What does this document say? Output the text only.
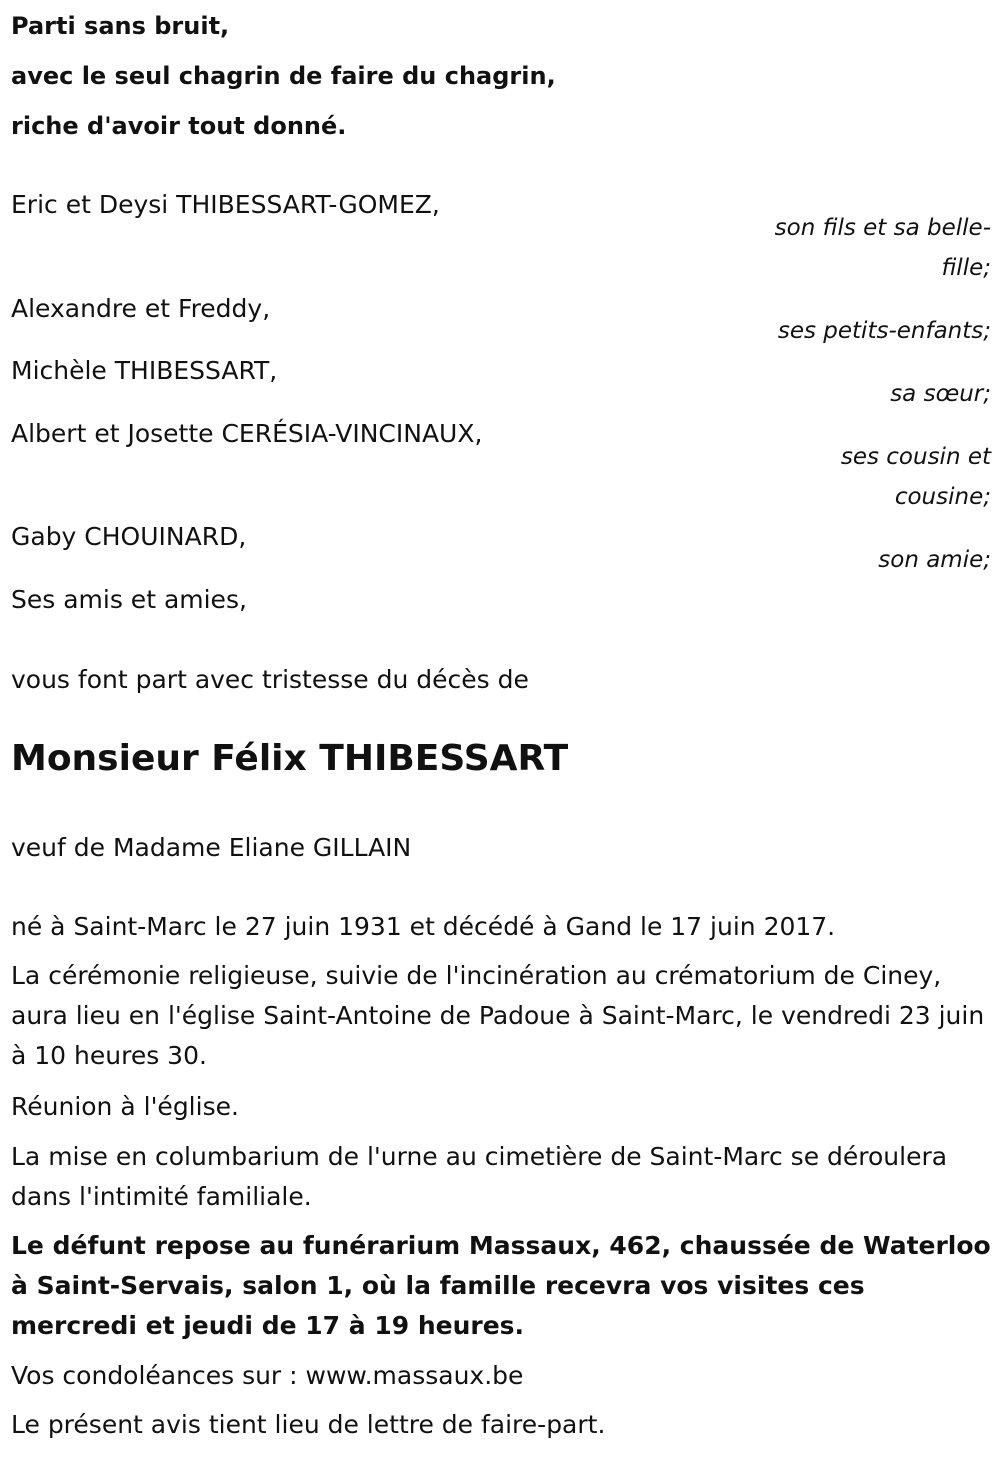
Parti sans bruit,
avec le seul chagrin de faire du chagrin,
riche d'avoir tout donné.
Eric et Deysi THIBESSART-GOMEZ,
son fils et sa belle-fille;
Alexandre et Freddy,
ses petits-enfants;
Michèle THIBESSART,
sa sœur;
Albert et Josette CERÉSIA-VINCINAUX,
ses cousin et cousine;
Gaby CHOUINARD,
son amie;
Ses amis et amies,
vous font part avec tristesse du décès de
Monsieur Félix THIBESSART
veuf de Madame Eliane GILLAIN
né à Saint-Marc le 27 juin 1931 et décédé à Gand le 17 juin 2017.
La cérémonie religieuse, suivie de l'incinération au crématorium de Ciney, aura lieu en l'église Saint-Antoine de Padoue à Saint-Marc, le vendredi 23 juin à 10 heures 30.
Réunion à l'église.
La mise en columbarium de l'urne au cimetière de Saint-Marc se déroulera dans l'intimité familiale.
Le défunt repose au funérarium Massaux, 462, chaussée de Waterloo à Saint-Servais, salon 1, où la famille recevra vos visites ces mercredi et jeudi de 17 à 19 heures.
Vos condoléances sur : www.massaux.be
Le présent avis tient lieu de lettre de faire-part.
